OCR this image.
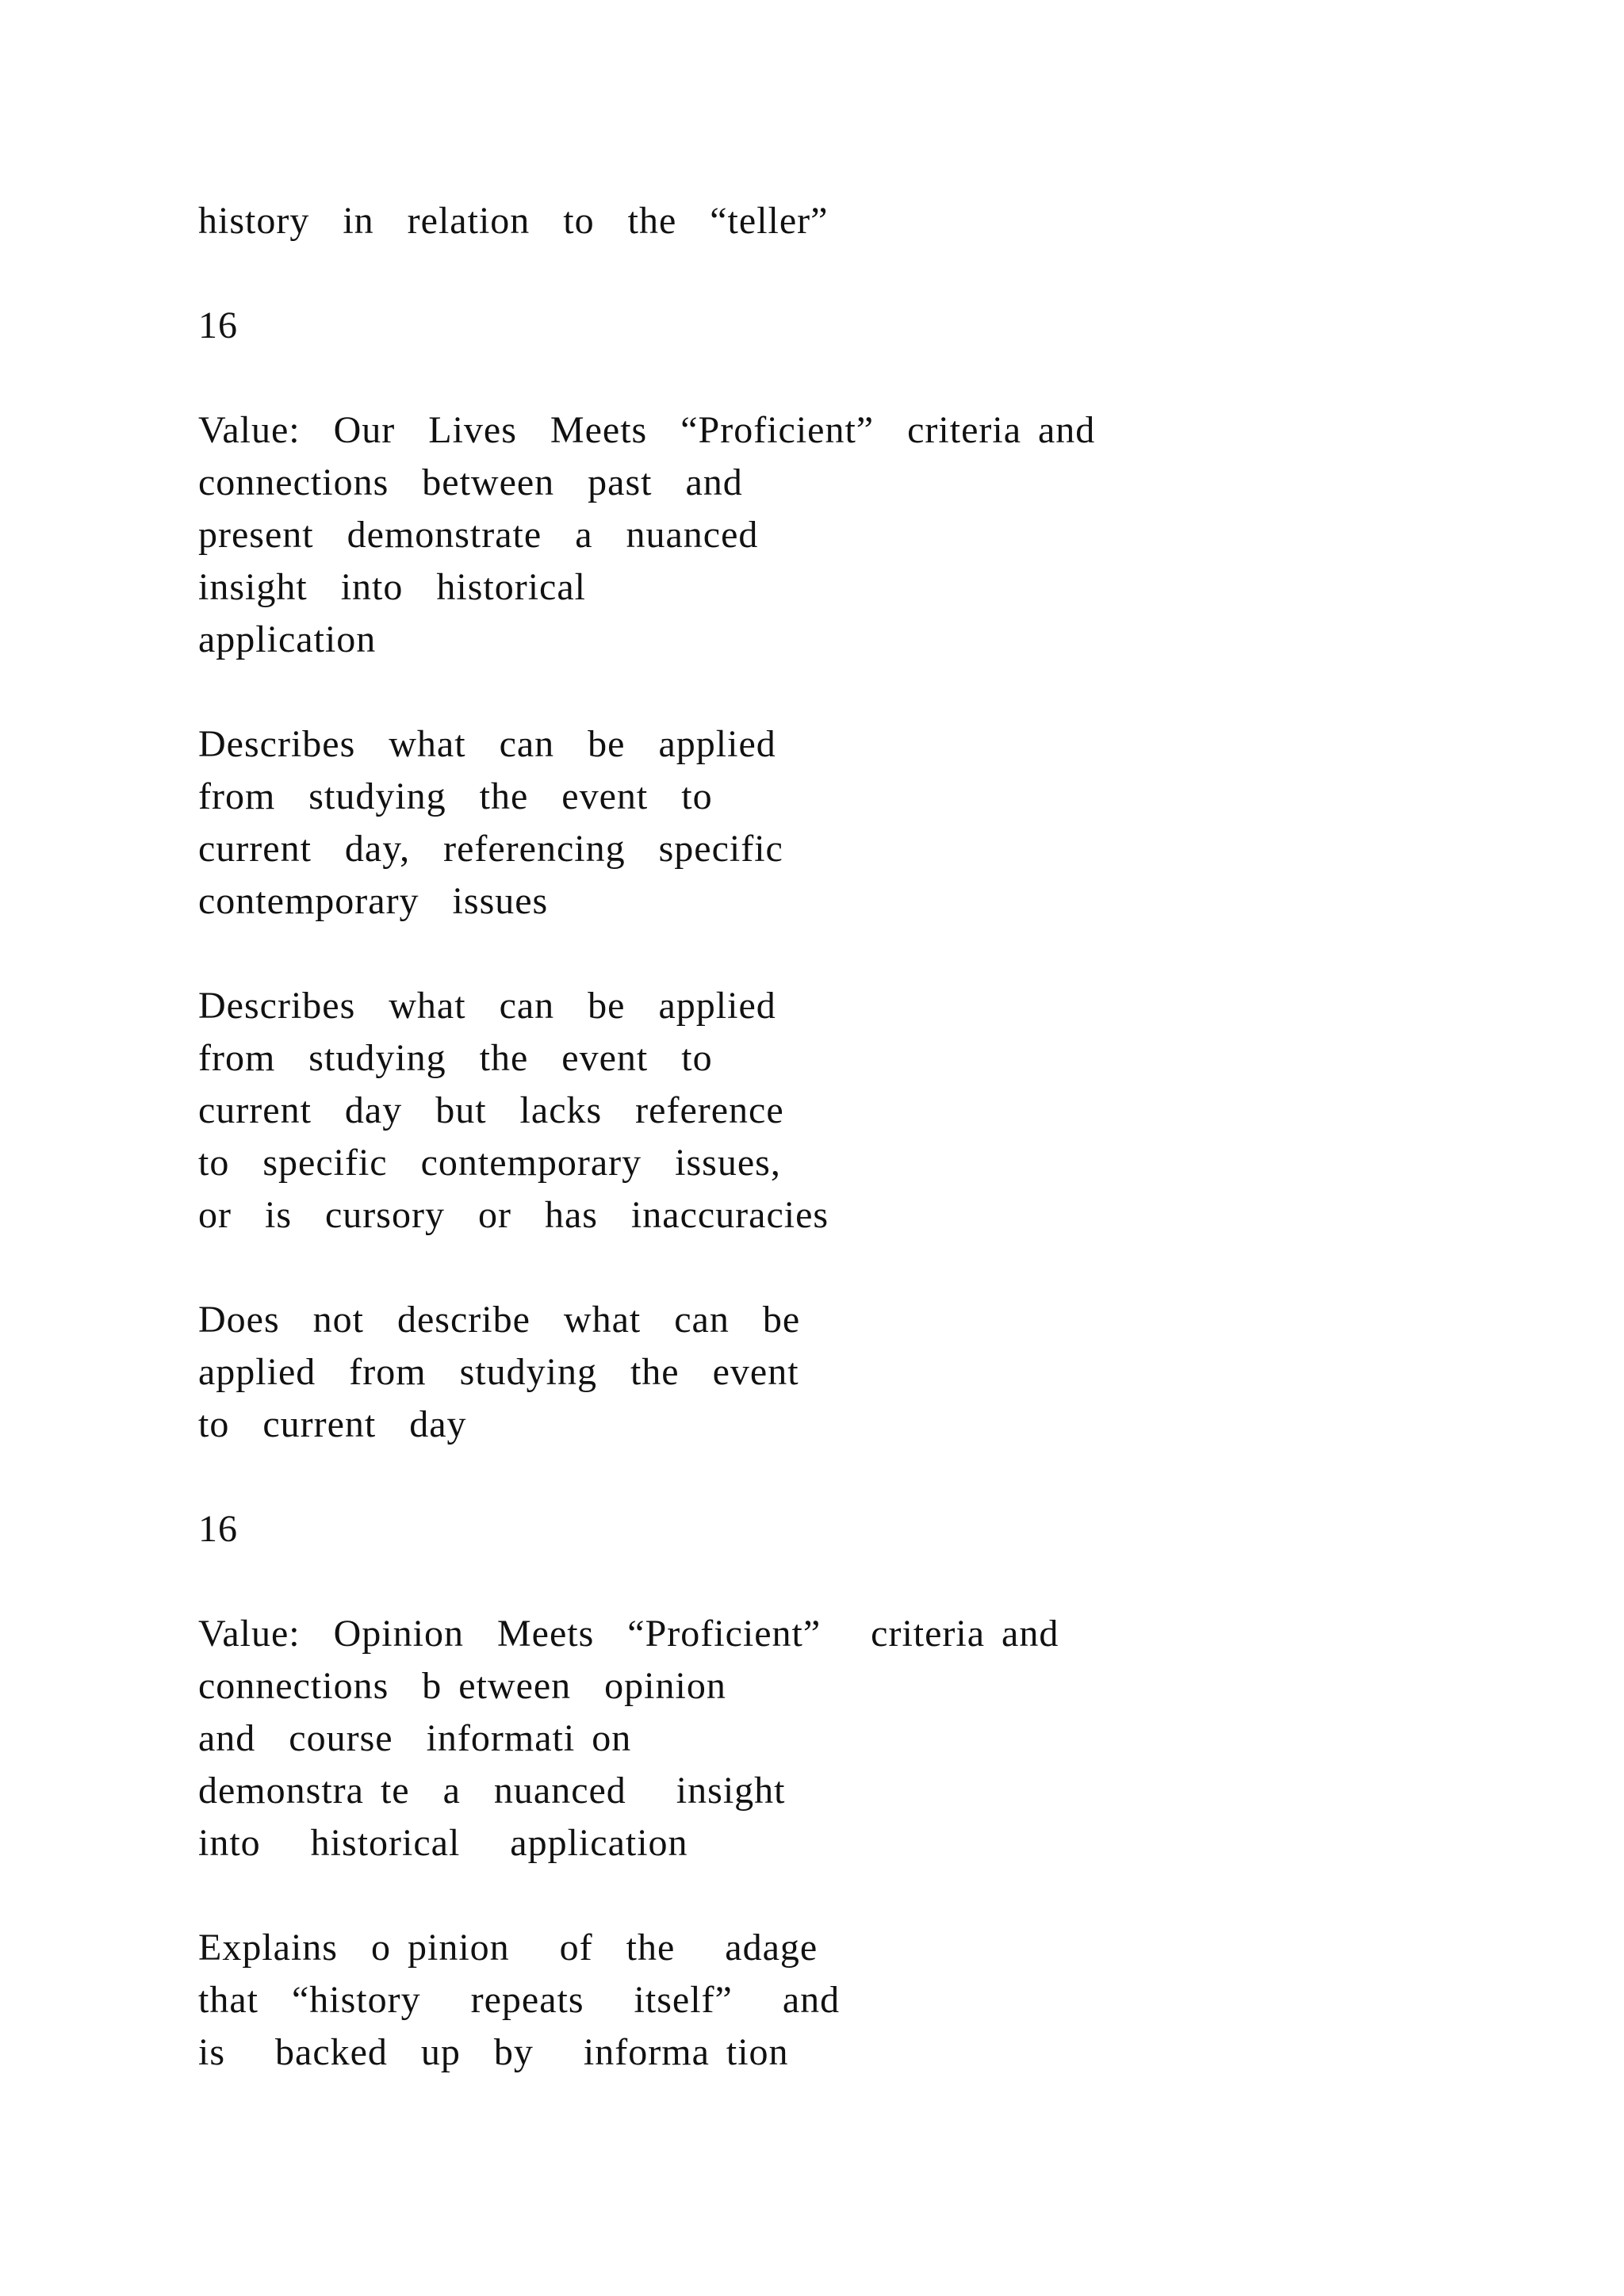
history  in  relation  to  the  “teller”
16
Value:  Our  Lives  Meets  “Proficient”  criteria and
connections  between  past  and
present  demonstrate  a  nuanced
insight  into  historical
application
Describes  what  can  be  applied
from  studying  the  event  to
current  day,  referencing  specific
contemporary  issues
Describes  what  can  be  applied
from  studying  the  event  to
current  day  but  lacks  reference
to  specific  contemporary  issues,
or  is  cursory  or  has  inaccuracies
Does  not  describe  what  can  be
applied  from  studying  the  event
to  current  day
16
Value:  Opinion  Meets  “Proficient”   criteria and
connections  b etween  opinion
and  course  informati on
demonstra te  a  nuanced   insight
into   historical   application
Explains  o pinion   of  the   adage
that  “history   repeats   itself”   and
is   backed  up  by   informa tion
